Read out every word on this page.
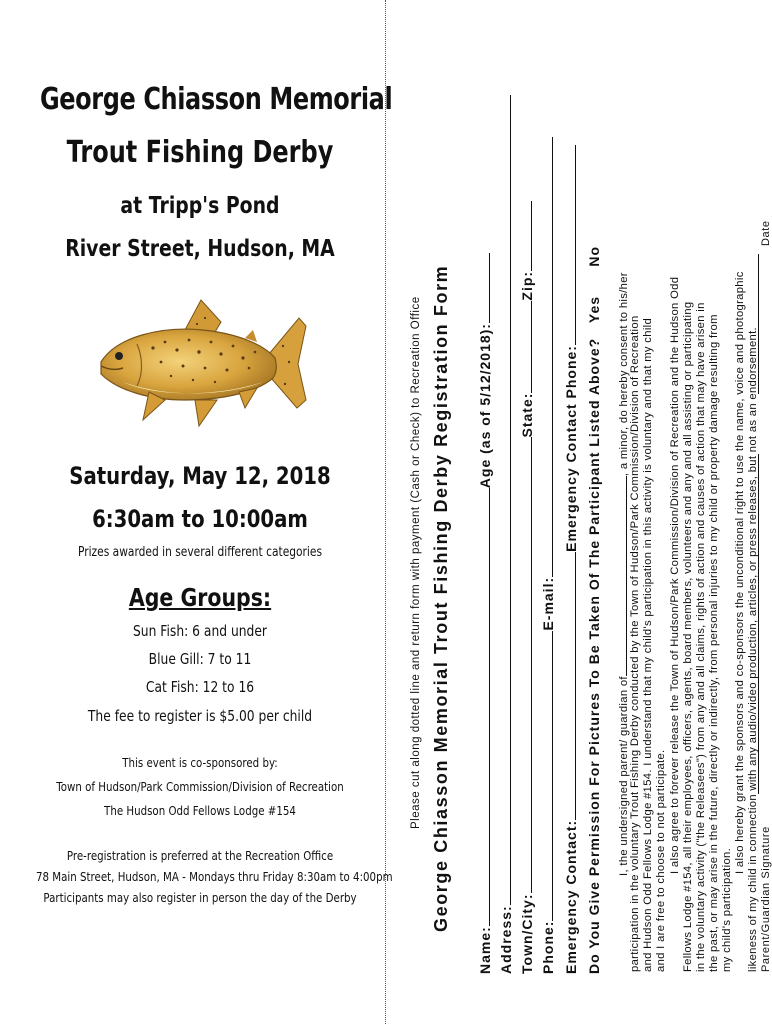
George Chiasson Memorial
Trout Fishing Derby
at Tripp's Pond
River Street, Hudson, MA
Saturday, May 12, 2018
6:30am to 10:00am
Prizes awarded in several different categories
Age Groups:
Sun Fish: 6 and under
Blue Gill: 7 to 11
Cat Fish: 12 to 16
The fee to register is $5.00 per child
This event is co-sponsored by:
Town of Hudson/Park Commission/Division of Recreation
The Hudson Odd Fellows Lodge #154
Pre-registration is preferred at the Recreation Office
78 Main Street, Hudson, MA - Mondays thru Friday 8:30am to 4:00pm
Participants may also register in person the day of the Derby
Please cut along dotted line and return form with payment (Cash or Check) to Recreation Office George Chiasson Memorial Trout Fishing Derby Registration Form
Name:Age (as of 5/12/2018):
Address: Town/City:State:Zip:
Phone:E-mail:
Emergency Contact:Emergency Contact Phone: Do You Give Permission For Pictures To Be Taken Of The Participant Listed Above?   Yes      No
I, the undersigned parent/ guardian of, a minor, do hereby consent to his/her participation in the voluntary Trout Fishing Derby conducted by the Town of Hudson/Park Commission/Division of Recreation and Hudson Odd Fellows Lodge #154. I understand that my child's participation in this activity is voluntary and that my child and I are free to choose to not participate. I also agree to forever release the Town of Hudson/Park Commission/Division of Recreation and the Hudson Odd Fellows Lodge #154, all their employees, officers, agents, board members, volunteers and any and all assisting or participating in the voluntary activity ("the Releasees") from any and all claims, rights of action and causes of action that may have arisen in the past, or may arise in the future, directly or indirectly, from personal injuries to my child or property damage resulting from my child's participation.
I also hereby grant the sponsors and co-sponsors the unconditional right to use the name, voice and photographic likeness of my child in connection with any audio/video production, articles, or press releases, but not as an endorsement. Parent/Guardian Signature
Date
